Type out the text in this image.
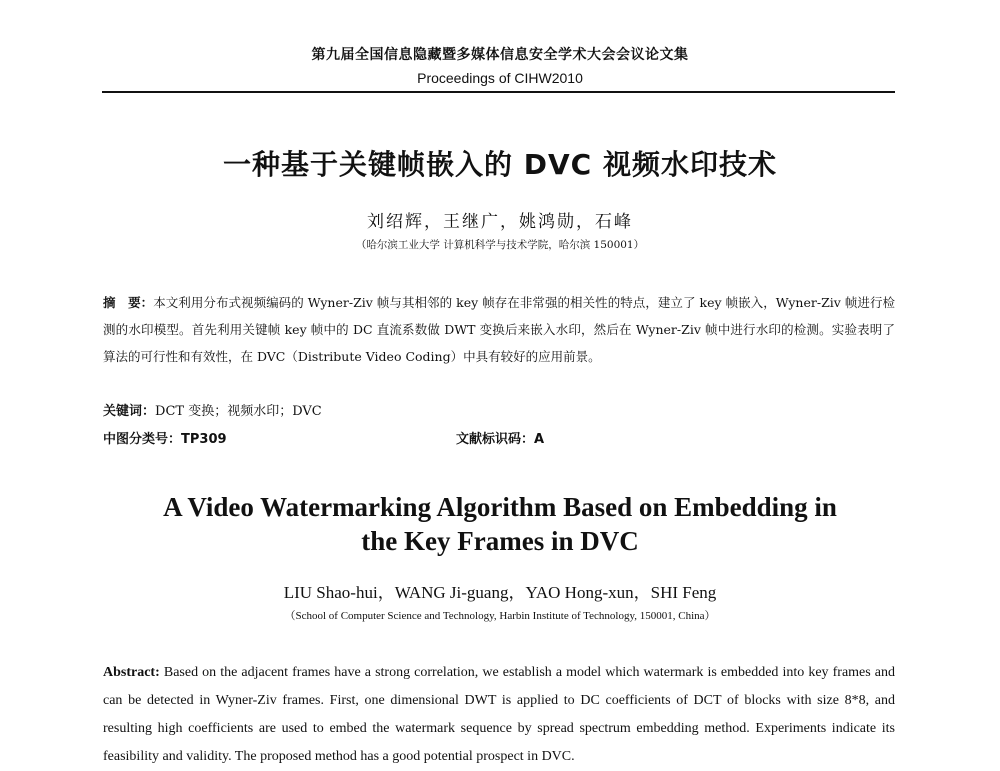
第九届全国信息隐藏暨多媒体信息安全学术大会会议论文集
Proceedings of CIHW2010
一种基于关键帧嵌入的 DVC 视频水印技术
刘绍辉，王继广，姚鸿勋，石峰
（哈尔滨工业大学 计算机科学与技术学院，哈尔滨 150001）
摘　要：本文利用分布式视频编码的 Wyner-Ziv 帧与其相邻的 key 帧存在非常强的相关性的特点，建立了 key 帧嵌入，Wyner-Ziv 帧进行检测的水印模型。首先利用关键帧 key 帧中的 DC 直流系数做 DWT 变换后来嵌入水印，然后在 Wyner-Ziv 帧中进行水印的检测。实验表明了算法的可行性和有效性，在 DVC（Distribute Video Coding）中具有较好的应用前景。
关键词：DCT 变换；视频水印；DVC
中图分类号：TP309	文献标识码：A
A Video Watermarking Algorithm Based on Embedding in
the Key Frames in DVC
LIU Shao-hui，WANG Ji-guang，YAO Hong-xun，SHI Feng
（School of Computer Science and Technology, Harbin Institute of Technology, 150001, China）
Abstract: Based on the adjacent frames have a strong correlation, we establish a model which watermark is embedded into key frames and can be detected in Wyner-Ziv frames. First, one dimensional DWT is applied to DC coefficients of DCT of blocks with size 8*8, and resulting high coefficients are used to embed the watermark sequence by spread spectrum embedding method. Experiments indicate its feasibility and validity. The proposed method has a good potential prospect in DVC.
